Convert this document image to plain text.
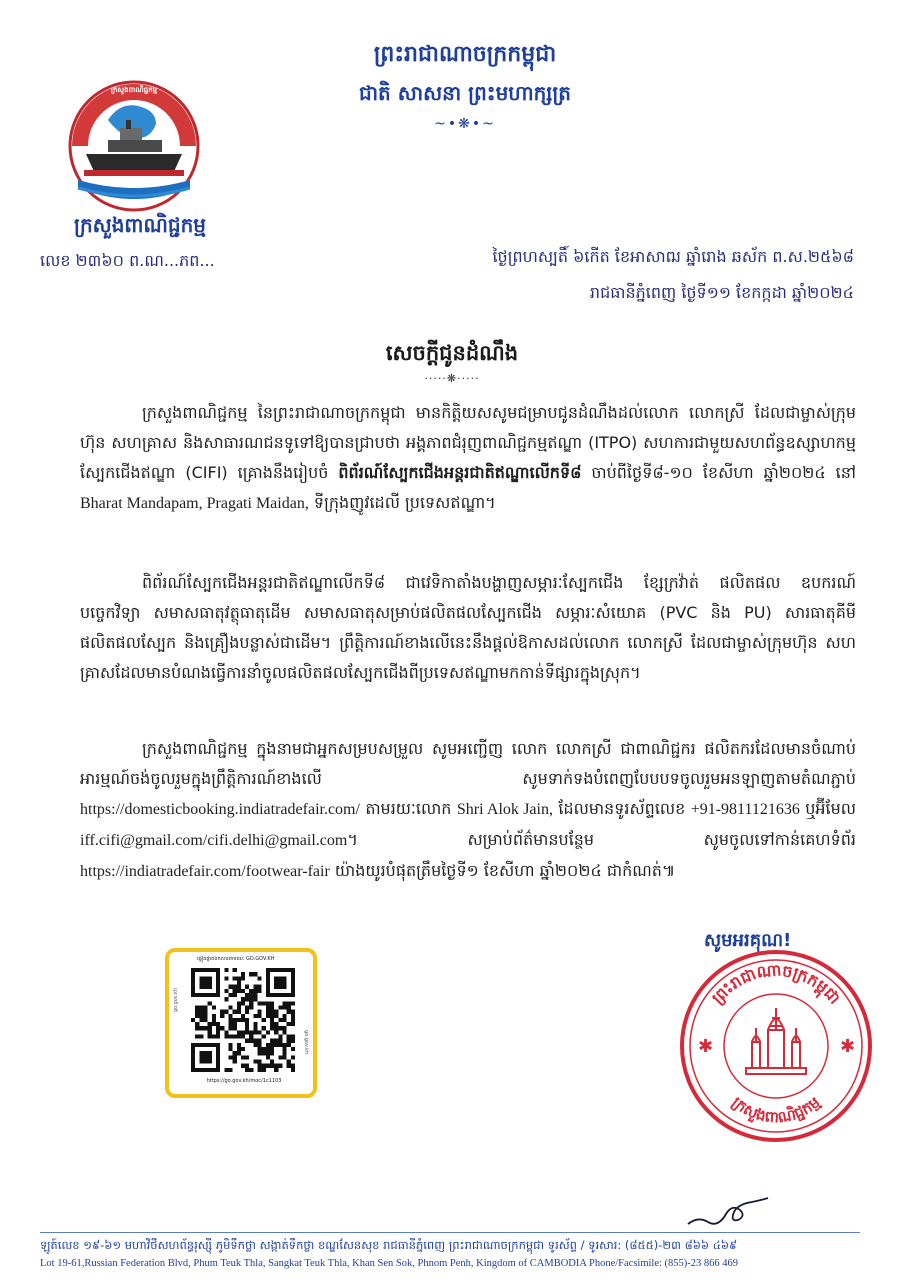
ព្រះរាជាណាចក្រកម្ពុជា
ជាតិ សាសនា ព្រះមហាក្សត្រ
~•❋•~
ក្រសួងពាណិជ្ជកម្ម
MINISTRY OF COMMERCE
ក្រសួងពាណិជ្ជកម្ម
លេខ ២៣៦០ ព.ណ...ភព...	ថ្ងៃព្រហស្បតិ៍ ៦កើត ខែអាសាឍ ឆ្នាំរោង ឆស័ក ព.ស.២៥៦៨
រាជធានីភ្នំពេញ ថ្ងៃទី១១ ខែកក្កដា ឆ្នាំ២០២៤
សេចក្តីជូនដំណឹង
·····❋·····
ក្រសួងពាណិជ្ជកម្ម នៃព្រះរាជាណាចក្រកម្ពុជា មានកិត្តិយសសូមជម្រាបជូនដំណឹងដល់លោក លោកស្រី ដែលជាម្ចាស់ក្រុមហ៊ុន សហគ្រាស និងសាធារណជនទូទៅឱ្យបានជ្រាបថា អង្គភាពជំរុញពាណិជ្ជកម្មឥណ្ឌា (ITPO) សហការជាមួយសហព័ន្ធឧស្សាហកម្មស្បែកជើងឥណ្ឌា (CIFI) គ្រោងនឹងរៀបចំ ពិព័រណ៍ស្បែកជើងអន្តរជាតិឥណ្ឌាលើកទី៨ ចាប់ពីថ្ងៃទី៨-១០ ខែសីហា ឆ្នាំ២០២៤ នៅ Bharat Mandapam, Pragati Maidan, ទីក្រុងញូវដេលី ប្រទេសឥណ្ឌា។
ពិព័រណ៍ស្បែកជើងអន្តរជាតិឥណ្ឌាលើកទី៨ ជាវេទិកាតាំងបង្ហាញសម្ភារៈស្បែកជើង ខ្សែក្រវ៉ាត់ ផលិតផល ឧបករណ៍ បច្ចេកវិទ្យា សមាសធាតុវត្ថុធាតុដើម សមាសធាតុសម្រាប់ផលិតផលស្បែកជើង សម្ភារៈសំយោគ (PVC និង PU) សារធាតុគីមី ផលិតផលស្បែក និងគ្រឿងបន្លាស់ជាដើម។ ព្រឹត្តិការណ៍ខាងលើនេះនឹងផ្តល់ឱកាសដល់លោក លោកស្រី ដែលជាម្ចាស់ក្រុមហ៊ុន សហគ្រាសដែលមានបំណងធ្វើការនាំចូលផលិតផលស្បែកជើងពីប្រទេសឥណ្ឌាមកកាន់ទីផ្សារក្នុងស្រុក។
ក្រសួងពាណិជ្ជកម្ម ក្នុងនាមជាអ្នកសម្របសម្រួល សូមអញ្ជើញ លោក លោកស្រី ជាពាណិជ្ជករ ផលិតករដែលមានចំណាប់អារម្មណ៍ចង់ចូលរួមក្នុងព្រឹត្តិការណ៍ខាងលើ សូមទាក់ទងបំពេញបែបបទចូលរួមអនឡាញតាមតំណភ្ជាប់ https://domesticbooking.indiatradefair.com/ តាមរយៈលោក Shri Alok Jain, ដែលមានទូរស័ព្ទលេខ +91-9811121636 ឬអ៊ីមែល iff.cifi@gmail.com/cifi.delhi@gmail.com។ សម្រាប់ព័ត៌មានបន្ថែម សូមចូលទៅកាន់គេហទំព័រ https://indiatradefair.com/footwear-fair យ៉ាងយូរបំផុតត្រឹមថ្ងៃទី១ ខែសីហា ឆ្នាំ២០២៤ ជាកំណត់៕
សូមអរគុណ!
ផ្ទៀងផ្ទាត់ឯកសារតាមរយៈ GO.GOV.KH
go.gov.kh
go.gov.kh
https://go.gov.kh/moc/1c1103
ព្រះរាជាណាចក្រកម្ពុជា
ក្រសួងពាណិជ្ជកម្ម
✱	✱
ឡូត៍លេខ ១៩-៦១ មហាវិថីសហព័ន្ធរុស្ស៊ី ភូមិទឹកថ្លា សង្កាត់ទឹកថ្លា ខណ្ឌសែនសុខ រាជធានីភ្នំពេញ ព្រះរាជាណាចក្រកម្ពុជា ទូរស័ព្ទ / ទូរសារ: (៨៥៥)-២៣ ៨៦៦ ៤៦៩
Lot 19-61,Russian Federation Blvd, Phum Teuk Thla, Sangkat Teuk Thla, Khan Sen Sok, Phnom Penh, Kingdom of CAMBODIA Phone/Facsimile: (855)-23 866 469
